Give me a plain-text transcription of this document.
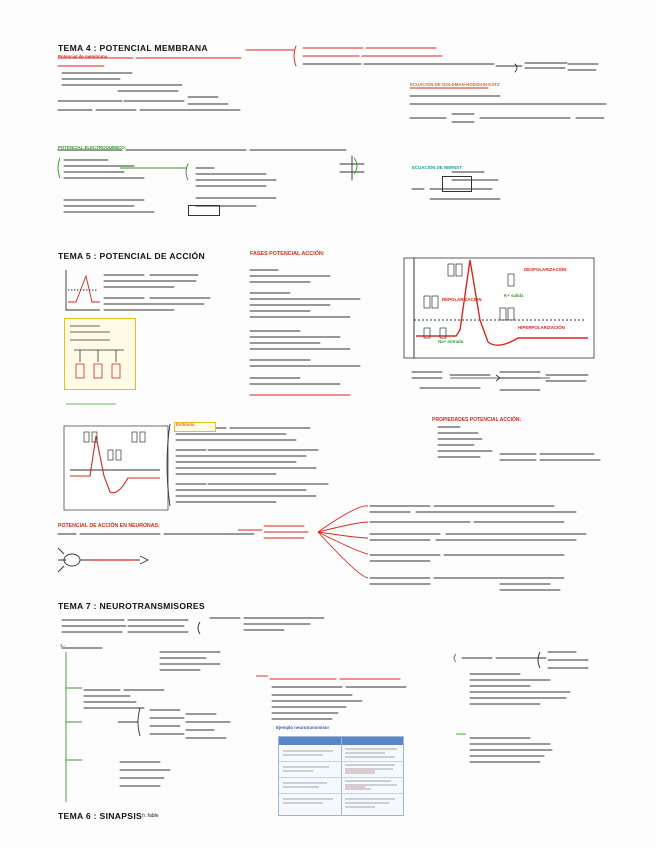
TEMA 4 : POTENCIAL MEMBRANA
Potencial de membrana
POTENCIAL ELECTROQUÍMICO:
ECUACIÓN DE NERNST
ECUACIÓN DE GOLDMAN-HODGKIN-KATZ
TEMA 5 : POTENCIAL DE ACCIÓN	FASES POTENCIAL ACCIÓN:
DESPOLARIZACIÓN
REPOLARIZACIÓN
HIPERPOLARIZACIÓN
K+ salida
Na+ entrada
Estímulo
PROPIEDADES POTENCIAL ACCIÓN:
POTENCIAL DE ACCIÓN EN NEURONAS:
TEMA 7 : NEUROTRANSMISORES
1.-
Ejemplo neurotransmisor
TEMA 6 : SINAPSIS h. fable
